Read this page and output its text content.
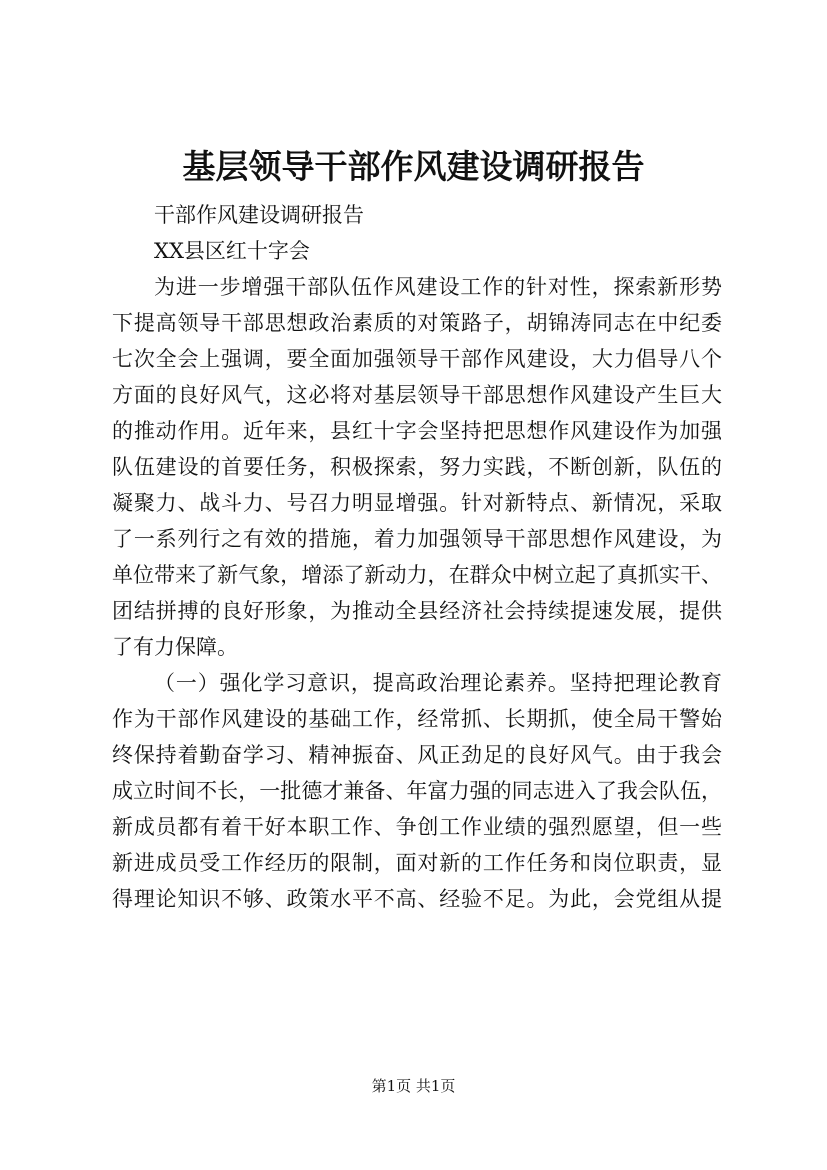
基层领导干部作风建设调研报告
干部作风建设调研报告
XX县区红十字会
为进一步增强干部队伍作风建设工作的针对性，探索新形势
下提高领导干部思想政治素质的对策路子，胡锦涛同志在中纪委
七次全会上强调，要全面加强领导干部作风建设，大力倡导八个
方面的良好风气，这必将对基层领导干部思想作风建设产生巨大
的推动作用。近年来，县红十字会坚持把思想作风建设作为加强
队伍建设的首要任务，积极探索，努力实践，不断创新，队伍的
凝聚力、战斗力、号召力明显增强。针对新特点、新情况，采取
了一系列行之有效的措施，着力加强领导干部思想作风建设，为
单位带来了新气象，增添了新动力，在群众中树立起了真抓实干、
团结拼搏的良好形象，为推动全县经济社会持续提速发展，提供
了有力保障。
（一）强化学习意识，提高政治理论素养。坚持把理论教育
作为干部作风建设的基础工作，经常抓、长期抓，使全局干警始
终保持着勤奋学习、精神振奋、风正劲足的良好风气。由于我会
成立时间不长，一批德才兼备、年富力强的同志进入了我会队伍，
新成员都有着干好本职工作、争创工作业绩的强烈愿望，但一些
新进成员受工作经历的限制，面对新的工作任务和岗位职责，显
得理论知识不够、政策水平不高、经验不足。为此，会党组从提
第1页 共1页
